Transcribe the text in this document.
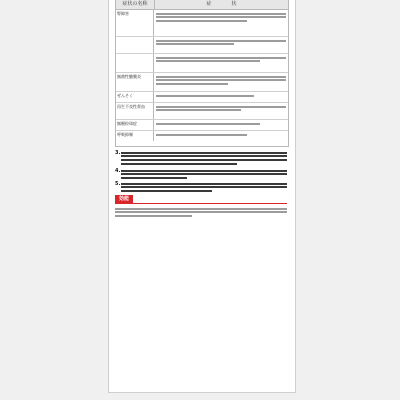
症状の名称	症　　　　状
腎障害
無菌性髄膜炎
ぜんそく
再生不良性貧血
無顆粒球症
呼吸抑制
3.
4.
5.
効能
